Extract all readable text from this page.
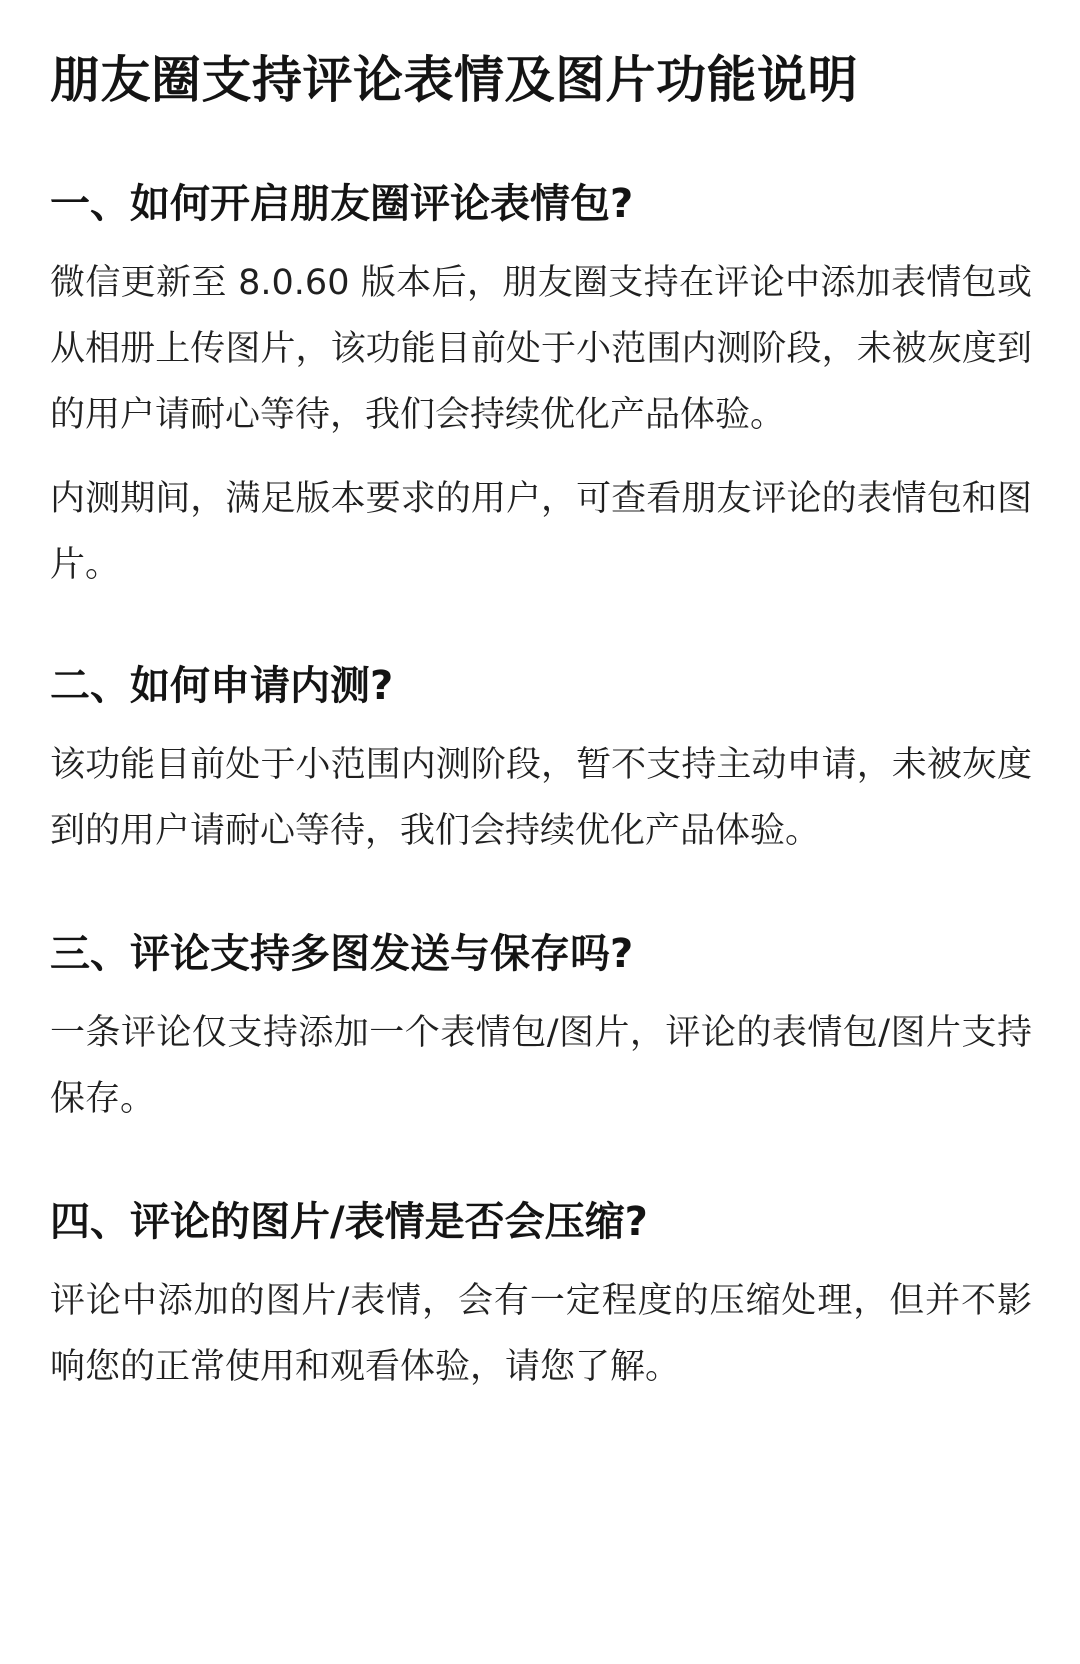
朋友圈支持评论表情及图片功能说明
一、如何开启朋友圈评论表情包?

微信更新至 8.0.60 版本后，朋友圈支持在评论中添加表情包或从相册上传图片，该功能目前处于小范围内测阶段，未被灰度到的用户请耐心等待，我们会持续优化产品体验。

内测期间，满足版本要求的用户，可查看朋友评论的表情包和图片。

二、如何申请内测?

该功能目前处于小范围内测阶段，暂不支持主动申请，未被灰度到的用户请耐心等待，我们会持续优化产品体验。

三、评论支持多图发送与保存吗?

一条评论仅支持添加一个表情包/图片，评论的表情包/图片支持保存。

四、评论的图片/表情是否会压缩?

评论中添加的图片/表情，会有一定程度的压缩处理，但并不影响您的正常使用和观看体验，请您了解。
